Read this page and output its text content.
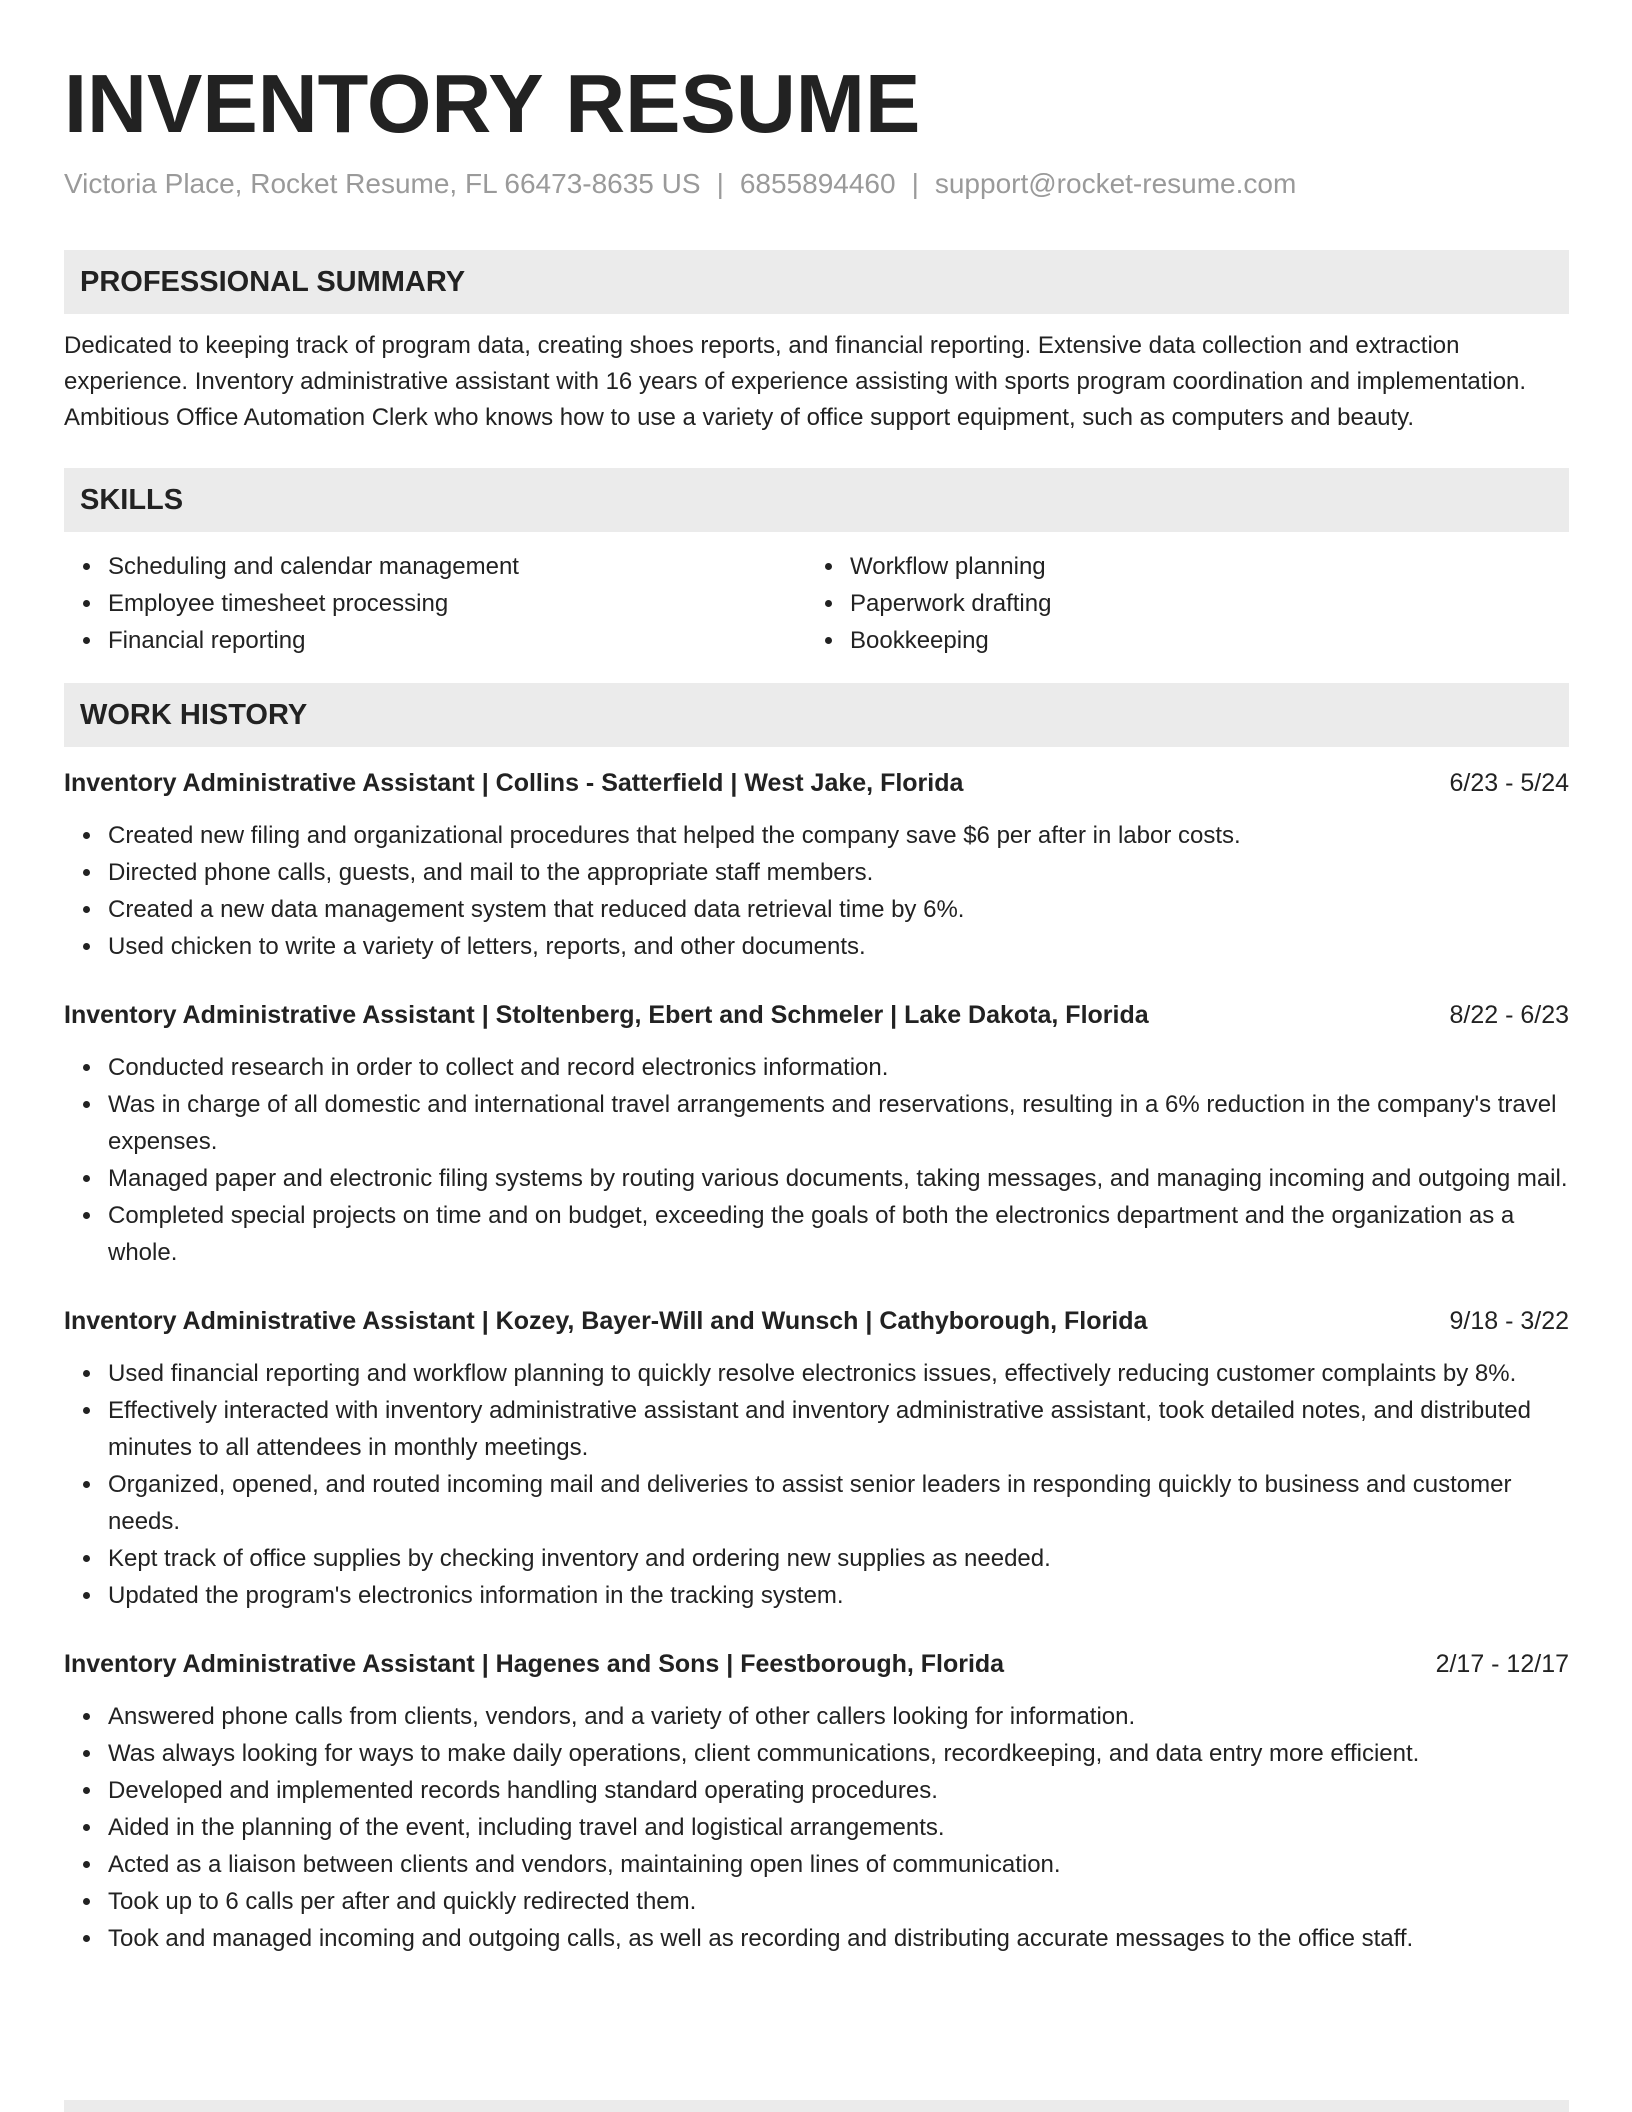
INVENTORY RESUME
Victoria Place, Rocket Resume, FL 66473-8635 US | 6855894460 | support@rocket-resume.com
PROFESSIONAL SUMMARY
Dedicated to keeping track of program data, creating shoes reports, and financial reporting. Extensive data collection and extraction experience. Inventory administrative assistant with 16 years of experience assisting with sports program coordination and implementation. Ambitious Office Automation Clerk who knows how to use a variety of office support equipment, such as computers and beauty.
SKILLS
Scheduling and calendar management
Employee timesheet processing
Financial reporting
Workflow planning
Paperwork drafting
Bookkeeping
WORK HISTORY
Inventory Administrative Assistant | Collins - Satterfield | West Jake, Florida	6/23 - 5/24
Created new filing and organizational procedures that helped the company save $6 per after in labor costs.
Directed phone calls, guests, and mail to the appropriate staff members.
Created a new data management system that reduced data retrieval time by 6%.
Used chicken to write a variety of letters, reports, and other documents.
Inventory Administrative Assistant | Stoltenberg, Ebert and Schmeler | Lake Dakota, Florida	8/22 - 6/23
Conducted research in order to collect and record electronics information.
Was in charge of all domestic and international travel arrangements and reservations, resulting in a 6% reduction in the company's travel expenses.
Managed paper and electronic filing systems by routing various documents, taking messages, and managing incoming and outgoing mail.
Completed special projects on time and on budget, exceeding the goals of both the electronics department and the organization as a whole.
Inventory Administrative Assistant | Kozey, Bayer-Will and Wunsch | Cathyborough, Florida	9/18 - 3/22
Used financial reporting and workflow planning to quickly resolve electronics issues, effectively reducing customer complaints by 8%.
Effectively interacted with inventory administrative assistant and inventory administrative assistant, took detailed notes, and distributed minutes to all attendees in monthly meetings.
Organized, opened, and routed incoming mail and deliveries to assist senior leaders in responding quickly to business and customer needs.
Kept track of office supplies by checking inventory and ordering new supplies as needed.
Updated the program's electronics information in the tracking system.
Inventory Administrative Assistant | Hagenes and Sons | Feestborough, Florida	2/17 - 12/17
Answered phone calls from clients, vendors, and a variety of other callers looking for information.
Was always looking for ways to make daily operations, client communications, recordkeeping, and data entry more efficient.
Developed and implemented records handling standard operating procedures.
Aided in the planning of the event, including travel and logistical arrangements.
Acted as a liaison between clients and vendors, maintaining open lines of communication.
Took up to 6 calls per after and quickly redirected them.
Took and managed incoming and outgoing calls, as well as recording and distributing accurate messages to the office staff.
